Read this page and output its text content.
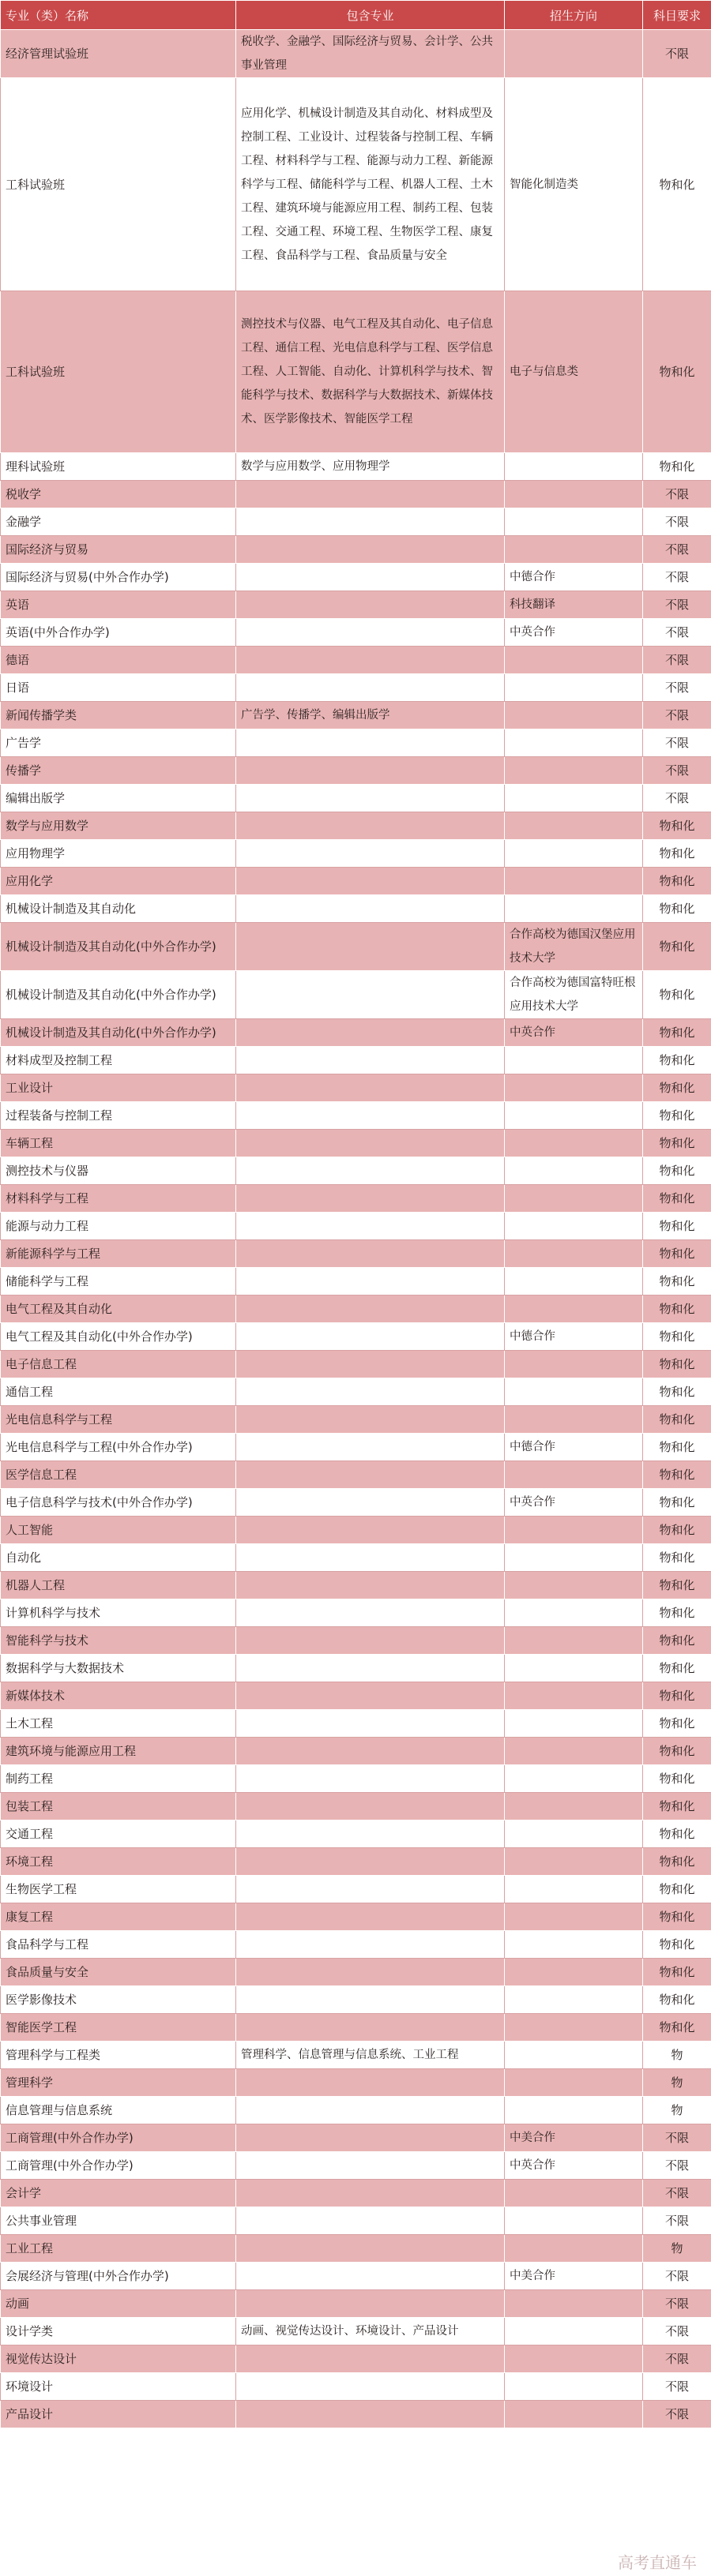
专业（类）名称	包含专业	招生方向	科目要求
经济管理试验班	税收学、金融学、国际经济与贸易、会计学、公共事业管理		不限
工科试验班	应用化学、机械设计制造及其自动化、材料成型及控制工程、工业设计、过程装备与控制工程、车辆工程、材料科学与工程、能源与动力工程、新能源科学与工程、储能科学与工程、机器人工程、土木工程、建筑环境与能源应用工程、制药工程、包装工程、交通工程、环境工程、生物医学工程、康复工程、食品科学与工程、食品质量与安全	智能化制造类	物和化
工科试验班	测控技术与仪器、电气工程及其自动化、电子信息工程、通信工程、光电信息科学与工程、医学信息工程、人工智能、自动化、计算机科学与技术、智能科学与技术、数据科学与大数据技术、新媒体技术、医学影像技术、智能医学工程	电子与信息类	物和化
理科试验班	数学与应用数学、应用物理学		物和化
税收学			不限
金融学			不限
国际经济与贸易			不限
国际经济与贸易(中外合作办学)		中德合作	不限
英语		科技翻译	不限
英语(中外合作办学)		中英合作	不限
德语			不限
日语			不限
新闻传播学类	广告学、传播学、编辑出版学		不限
广告学			不限
传播学			不限
编辑出版学			不限
数学与应用数学			物和化
应用物理学			物和化
应用化学			物和化
机械设计制造及其自动化			物和化
机械设计制造及其自动化(中外合作办学)		合作高校为德国汉堡应用技术大学	物和化
机械设计制造及其自动化(中外合作办学)		合作高校为德国富特旺根应用技术大学	物和化
机械设计制造及其自动化(中外合作办学)		中英合作	物和化
材料成型及控制工程			物和化
工业设计			物和化
过程装备与控制工程			物和化
车辆工程			物和化
测控技术与仪器			物和化
材料科学与工程			物和化
能源与动力工程			物和化
新能源科学与工程			物和化
储能科学与工程			物和化
电气工程及其自动化			物和化
电气工程及其自动化(中外合作办学)		中德合作	物和化
电子信息工程			物和化
通信工程			物和化
光电信息科学与工程			物和化
光电信息科学与工程(中外合作办学)		中德合作	物和化
医学信息工程			物和化
电子信息科学与技术(中外合作办学)		中英合作	物和化
人工智能			物和化
自动化			物和化
机器人工程			物和化
计算机科学与技术			物和化
智能科学与技术			物和化
数据科学与大数据技术			物和化
新媒体技术			物和化
土木工程			物和化
建筑环境与能源应用工程			物和化
制药工程			物和化
包装工程			物和化
交通工程			物和化
环境工程			物和化
生物医学工程			物和化
康复工程			物和化
食品科学与工程			物和化
食品质量与安全			物和化
医学影像技术			物和化
智能医学工程			物和化
管理科学与工程类	管理科学、信息管理与信息系统、工业工程		物
管理科学			物
信息管理与信息系统			物
工商管理(中外合作办学)		中美合作	不限
工商管理(中外合作办学)		中英合作	不限
会计学			不限
公共事业管理			不限
工业工程			物
会展经济与管理(中外合作办学)		中美合作	不限
动画			不限
设计学类	动画、视觉传达设计、环境设计、产品设计		不限
视觉传达设计			不限
环境设计			不限
产品设计			不限
高考直通车
